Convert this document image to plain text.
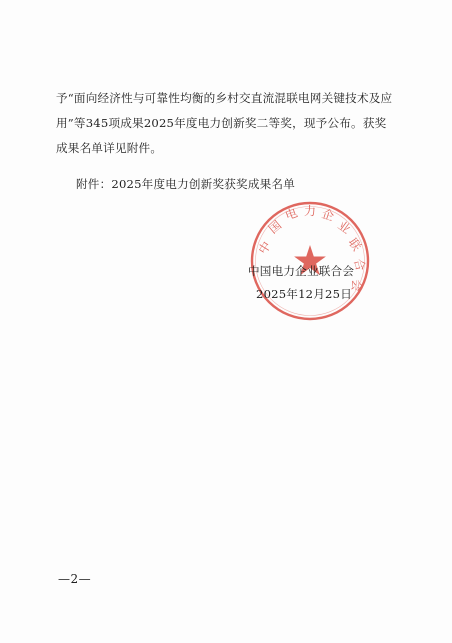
予“面向经济性与可靠性均衡的乡村交直流混联电网关键技术及应用”等345项成果2025年度电力创新奖二等奖，现予公布。获奖成果名单详见附件。

附件：2025年度电力创新奖获奖成果名单

中
国
电 力 企
业
联
合
会
中国电力企业联合会
2025年12月25日
—2—
